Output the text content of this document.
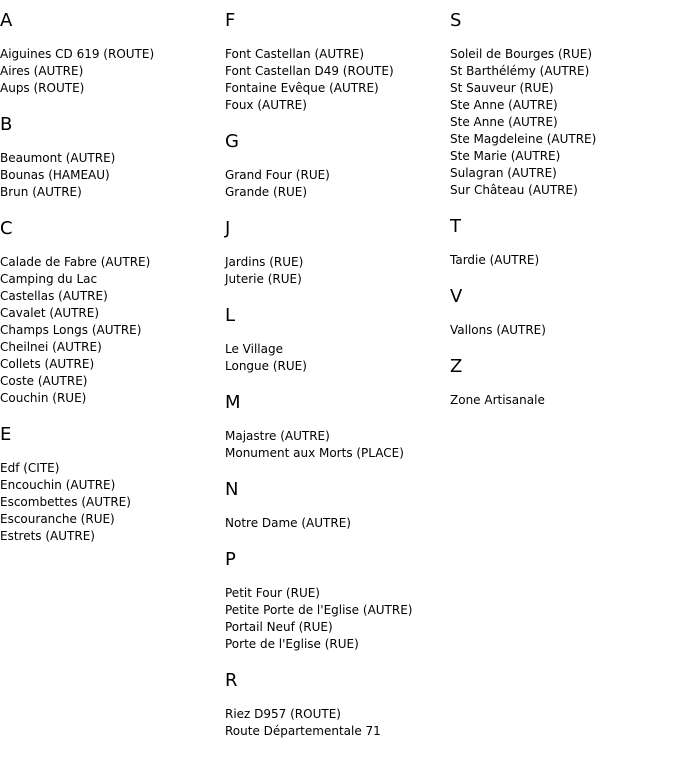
A
Aiguines CD 619 (ROUTE)
Aires (AUTRE)
Aups (ROUTE)
B
Beaumont (AUTRE)
Bounas (HAMEAU)
Brun (AUTRE)
C
Calade de Fabre (AUTRE)
Camping du Lac
Castellas (AUTRE)
Cavalet (AUTRE)
Champs Longs (AUTRE)
Cheilnei (AUTRE)
Collets (AUTRE)
Coste (AUTRE)
Couchin (RUE)
E
Edf (CITE)
Encouchin (AUTRE)
Escombettes (AUTRE)
Escouranche (RUE)
Estrets (AUTRE)
F
Font Castellan (AUTRE)
Font Castellan D49 (ROUTE)
Fontaine Evêque (AUTRE)
Foux (AUTRE)
G
Grand Four (RUE)
Grande (RUE)
J
Jardins (RUE)
Juterie (RUE)
L
Le Village
Longue (RUE)
M
Majastre (AUTRE)
Monument aux Morts (PLACE)
N
Notre Dame (AUTRE)
P
Petit Four (RUE)
Petite Porte de l'Eglise (AUTRE)
Portail Neuf (RUE)
Porte de l'Eglise (RUE)
R
Riez D957 (ROUTE)
Route Départementale 71
S
Soleil de Bourges (RUE)
St Barthélémy (AUTRE)
St Sauveur (RUE)
Ste Anne (AUTRE)
Ste Anne (AUTRE)
Ste Magdeleine (AUTRE)
Ste Marie (AUTRE)
Sulagran (AUTRE)
Sur Château (AUTRE)
T
Tardie (AUTRE)
V
Vallons (AUTRE)
Z
Zone Artisanale
